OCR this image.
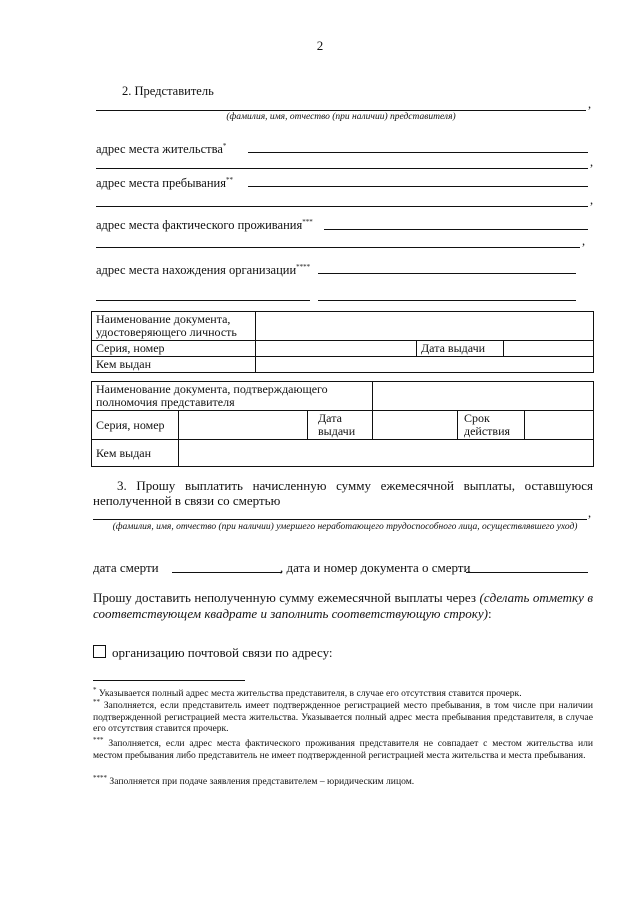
2
2. Представитель
,
(фамилия, имя, отчество (при наличии) представителя)
адрес места жительства*
,
адрес места пребывания**
,
адрес места фактического проживания***
,
адрес места нахождения организации****
Наименование документа, удостоверяющего личность			
Серия, номер		Дата выдачи	
Кем выдан			
Наименование документа, подтверждающего полномочия представителя				
Серия, номер		Дата выдачи		Срок действия

Кем выдан				
3. Прошу выплатить начисленную сумму ежемесячной выплаты, оставшуюся неполученной в связи со смертью
,
(фамилия, имя, отчество (при наличии) умершего неработающего трудоспособного лица, осуществлявшего уход)
дата смерти	, дата и номер документа о смерти
Прошу доставить неполученную сумму ежемесячной выплаты через (сделать отметку в соответствующем квадрате и заполнить соответствующую строку):
организацию почтовой связи по адресу:
* Указывается полный адрес места жительства представителя, в случае его отсутствия ставится прочерк.
** Заполняется, если представитель имеет подтвержденное регистрацией место пребывания, в том числе при наличии подтвержденной регистрацией места жительства. Указывается полный адрес места пребывания представителя, в случае его отсутствия ставится прочерк.
*** Заполняется, если адрес места фактического проживания представителя не совпадает с местом жительства или местом пребывания либо представитель не имеет подтвержденной регистрацией места жительства и места пребывания.
**** Заполняется при подаче заявления представителем – юридическим лицом.
